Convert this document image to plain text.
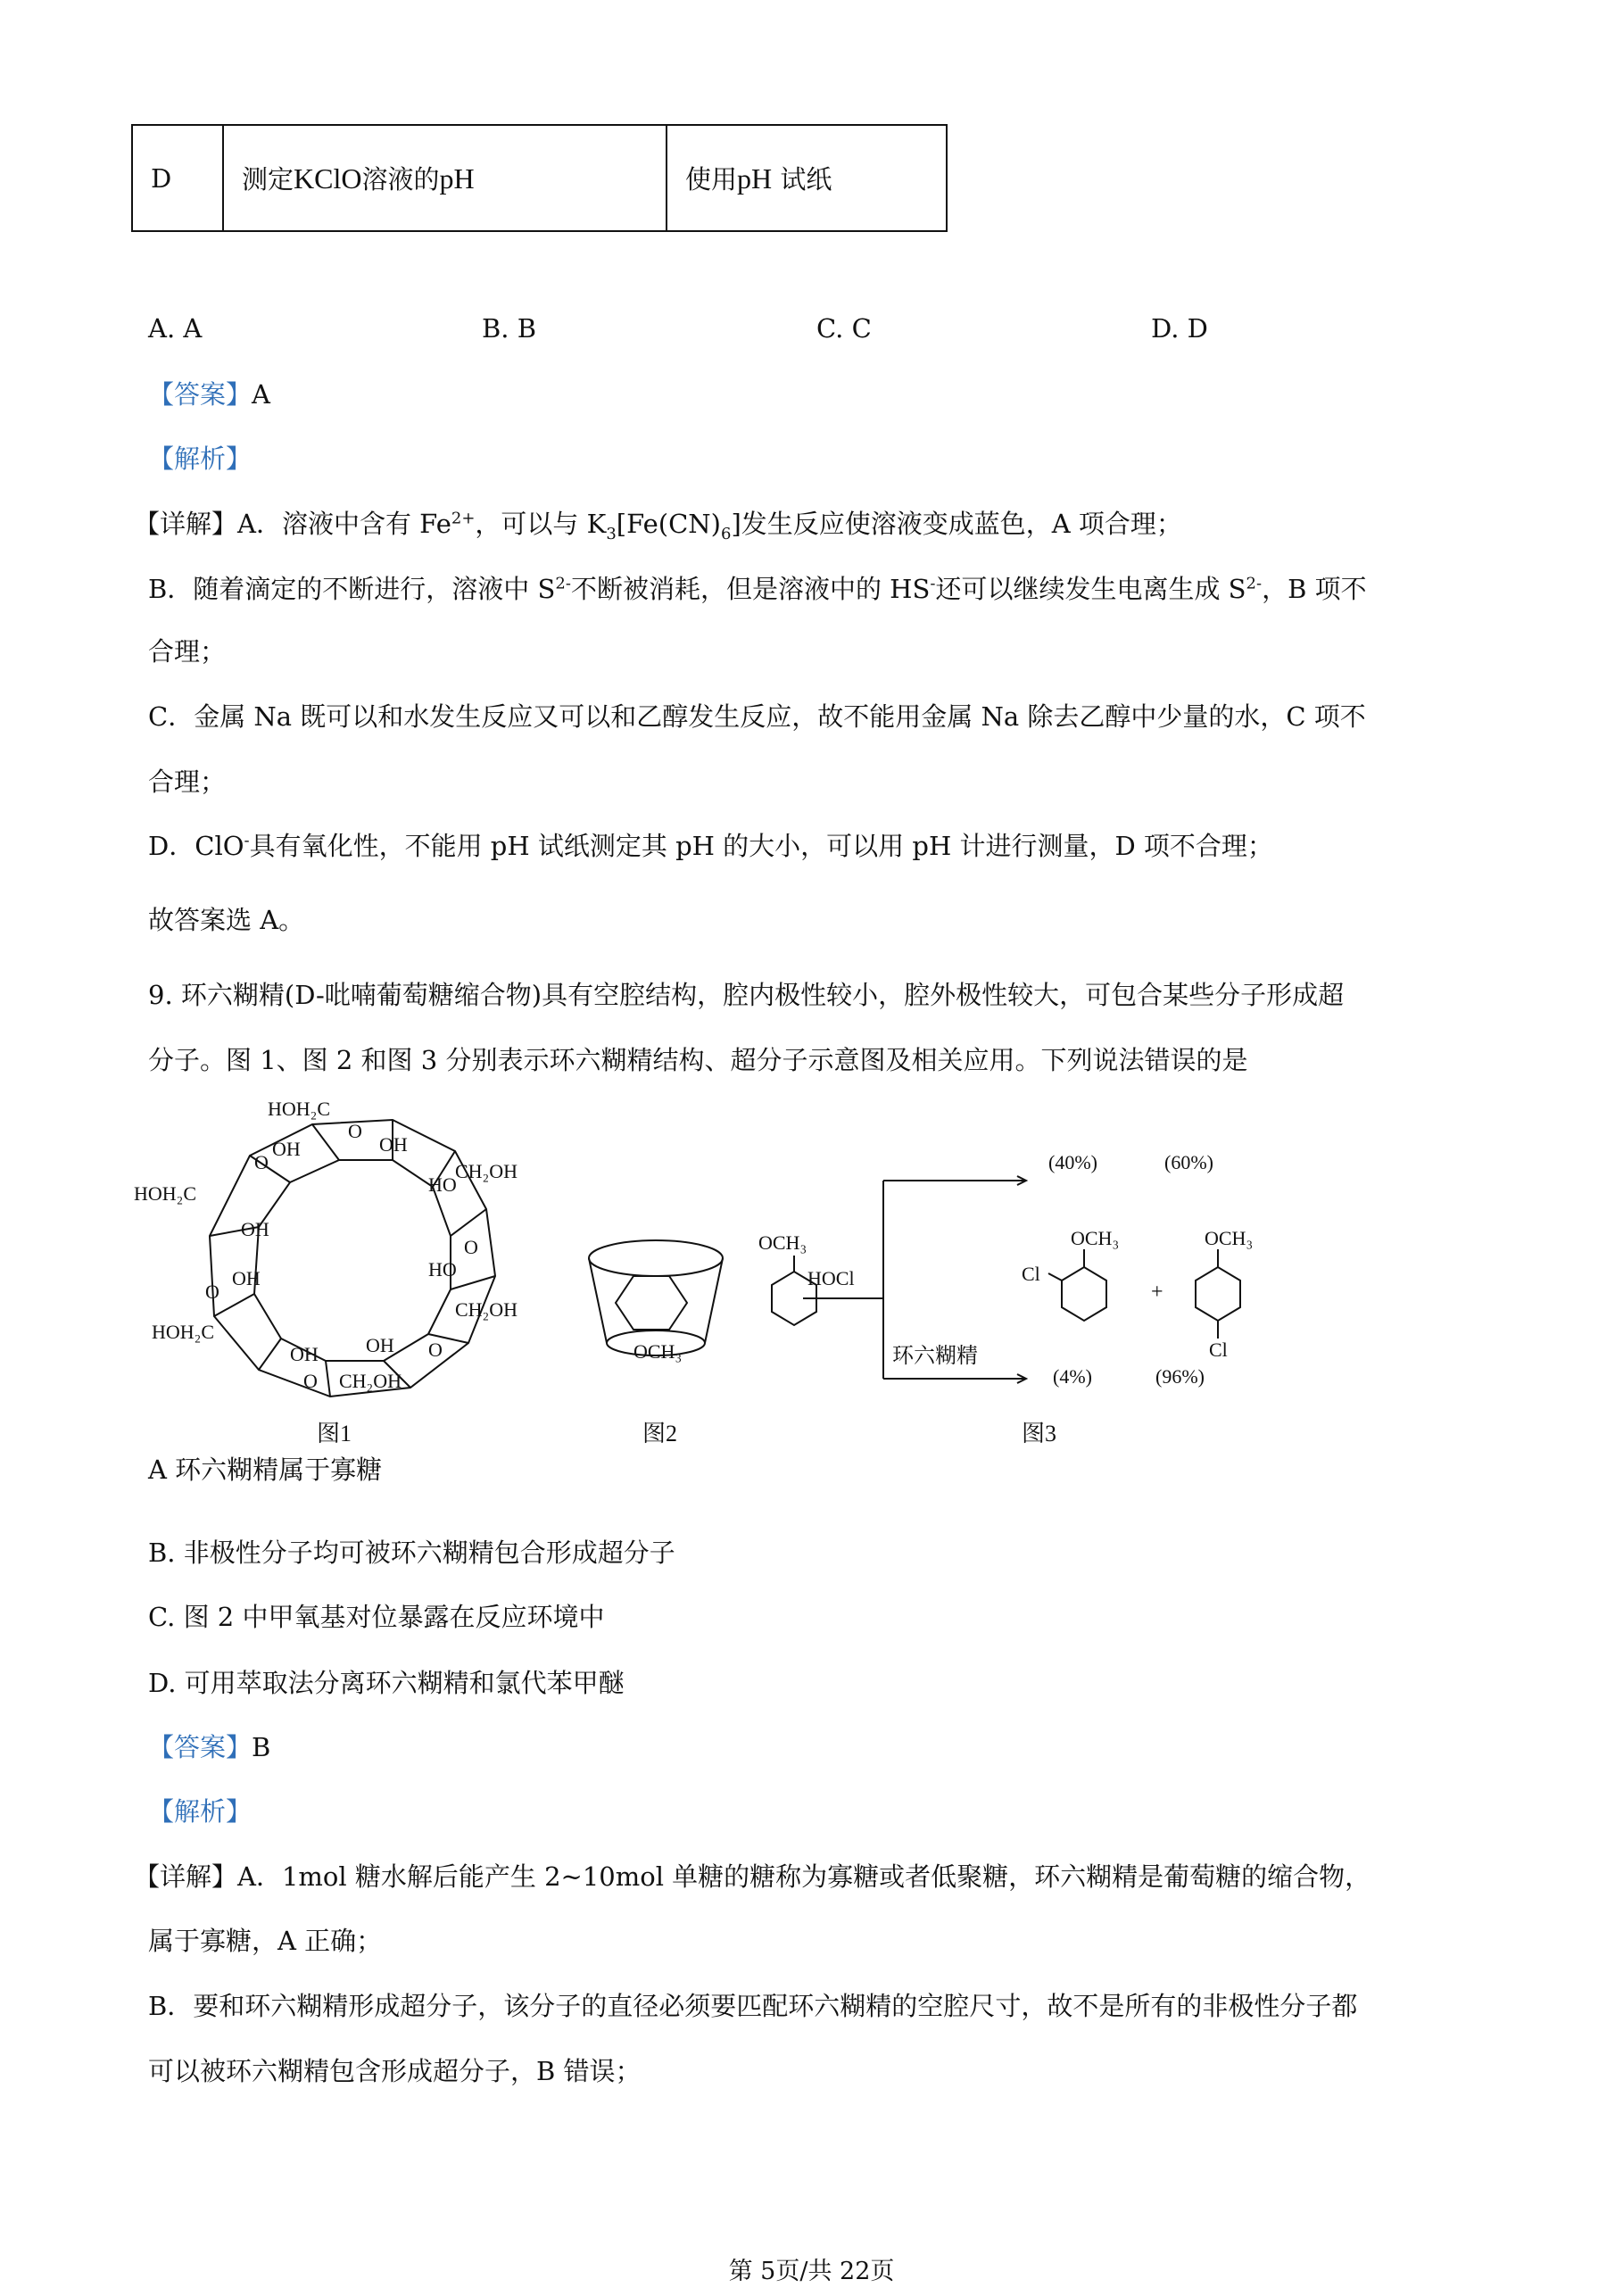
D	测定KClO溶液的pH	使用pH 试纸
A. A	B. B	C. C	D. D
【答案】A
【解析】
【详解】A．溶液中含有 $Fe^{2+}$，可以与 $K_3[Fe(CN)_6]$发生反应使溶液变成蓝色，A 项合理；
B．随着滴定的不断进行，溶液中 $S^{2-}$不断被消耗，但是溶液中的 HS-还可以继续发生电离生成 $S^{2-}$，B 项不
合理；
C．金属 Na 既可以和水发生反应又可以和乙醇发生反应，故不能用金属 Na 除去乙醇中少量的水，C 项不
合理；
D．ClO-具有氧化性，不能用 pH 试纸测定其 pH 的大小，可以用 pH 计进行测量，D 项不合理；
故答案选 A。
9. 环六糊精(D-吡喃葡萄糖缩合物)具有空腔结构，腔内极性较小，腔外极性较大，可包合某些分子形成超
分子。图 1、图 2 和图 3 分别表示环六糊精结构、超分子示意图及相关应用。下列说法错误的是
HOH₂C
CH₂OH
HOH₂C
CH₂OH
HOH₂C
CH₂OH
OH	OH
OH
HO
OH	HO
OH OH
O
O
O
O
O
O
图1
OCH₃
图2
OCH₃
HOCl
环六糊精
(40%)	(60%)
(4%)	(96%)
OCH₃
Cl
+
OCH₃
Cl
图3
A 环六糊精属于寡糖
B. 非极性分子均可被环六糊精包合形成超分子
C. 图 2 中甲氧基对位暴露在反应环境中
D. 可用萃取法分离环六糊精和氯代苯甲醚
【答案】B
【解析】
【详解】A．1mol 糖水解后能产生 2~10mol 单糖的糖称为寡糖或者低聚糖，环六糊精是葡萄糖的缩合物，
属于寡糖，A 正确；
B．要和环六糊精形成超分子，该分子的直径必须要匹配环六糊精的空腔尺寸，故不是所有的非极性分子都
可以被环六糊精包含形成超分子，B 错误；
第 5页/共 22页
